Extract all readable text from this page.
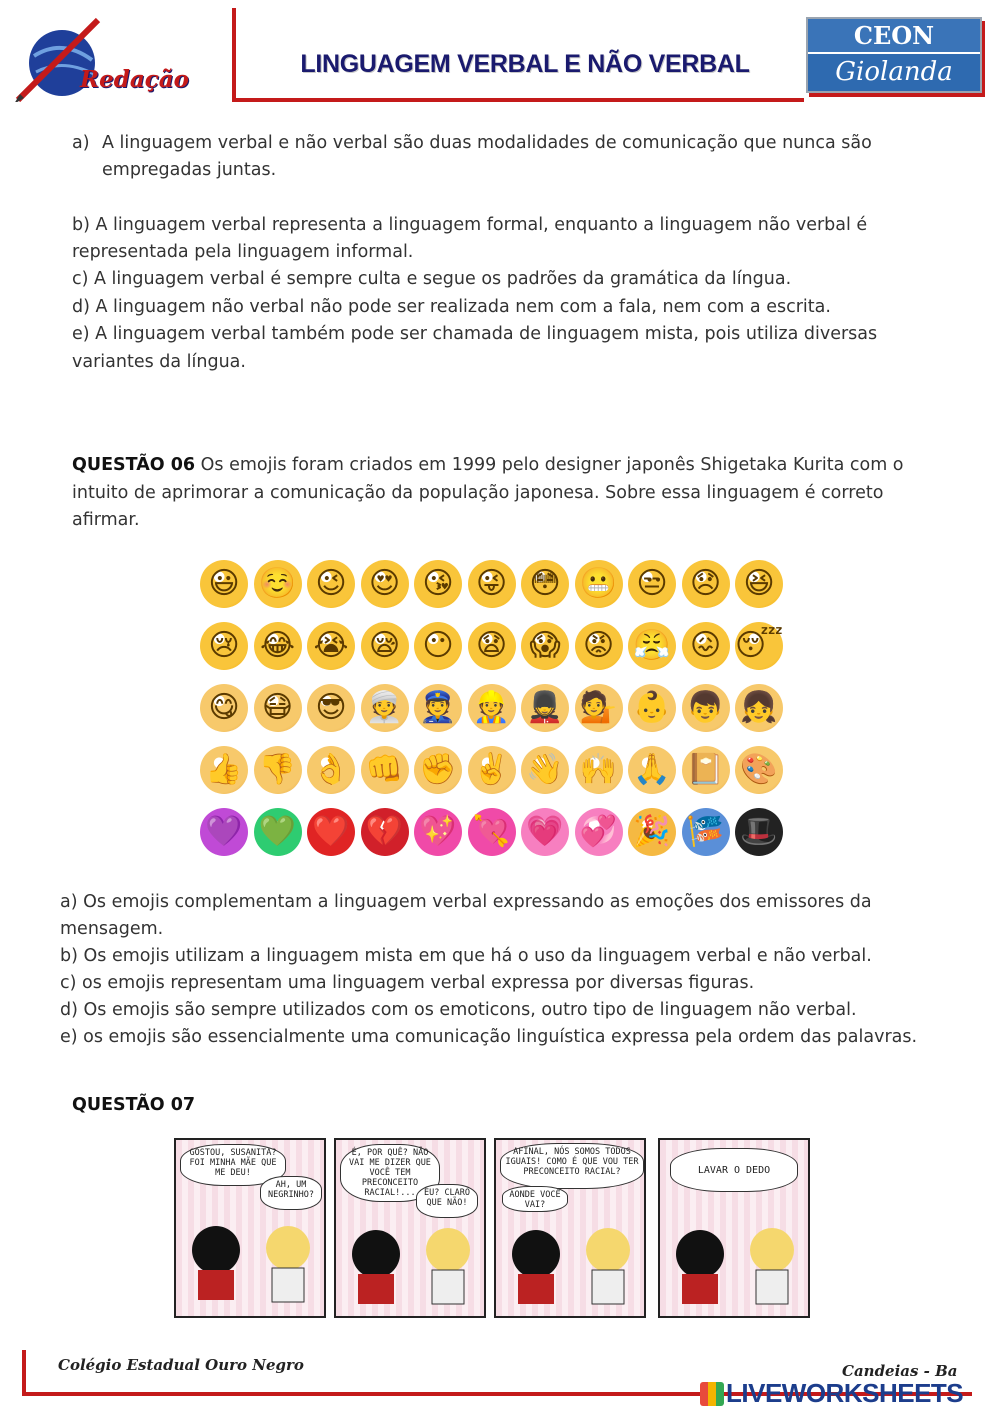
Redação
LINGUAGEM VERBAL E NÃO VERBAL
CEON
Giolanda
a) A linguagem verbal e não verbal são duas modalidades de comunicação que nunca são
empregadas juntas.
b) A linguagem verbal representa a linguagem formal, enquanto a linguagem não verbal é
representada pela linguagem informal.
c) A linguagem verbal é sempre culta e segue os padrões da gramática da língua.
d) A linguagem não verbal não pode ser realizada nem com a fala, nem com a escrita.
e) A linguagem verbal também pode ser chamada de linguagem mista, pois utiliza diversas
variantes da língua.
QUESTÃO 06 Os emojis foram criados em 1999 pelo designer japonês Shigetaka Kurita com o
intuito de aprimorar a comunicação da população japonesa. Sobre essa linguagem é correto
afirmar.
😃 ☺️ 😉 😍 😘 😜 😳 😬 😒 😞 😆
😢 😂 😭 😪 😶 😧 😱 😡 😤 😖 😴
😋 😷 😎 👳 👮 👷 💂 💁 👶 👦 👧
👍 👎 👌 👊 ✊ ✌️ 👋 🙌 🙏 📔 🎨
💜 💚 ❤️ 💔 💖 💘 💗 💞 🎉 🎏 🎩
a) Os emojis complementam a linguagem verbal expressando as emoções dos emissores da
mensagem.
b) Os emojis utilizam a linguagem mista em que há o uso da linguagem verbal e não verbal.
c) os emojis representam uma linguagem verbal expressa por diversas figuras.
d) Os emojis são sempre utilizados com os emoticons, outro tipo de linguagem não verbal.
e) os emojis são essencialmente uma comunicação linguística expressa pela ordem das palavras.
QUESTÃO 07
GOSTOU, SUSANITA? FOI MINHA MÃE QUE ME DEU!
AH, UM NEGRINHO?
É, POR QUÊ? NÃO VAI ME DIZER QUE VOCÊ TEM PRECONCEITO RACIAL!... EU? CLARO QUE NÃO!
AFINAL, NÓS SOMOS TODOS IGUAIS! COMO É QUE VOU TER PRECONCEITO RACIAL?
AONDE VOCÊ VAI?
LAVAR O DEDO
Colégio Estadual Ouro Negro	Candeias - Ba
LIVEWORKSHEETS
